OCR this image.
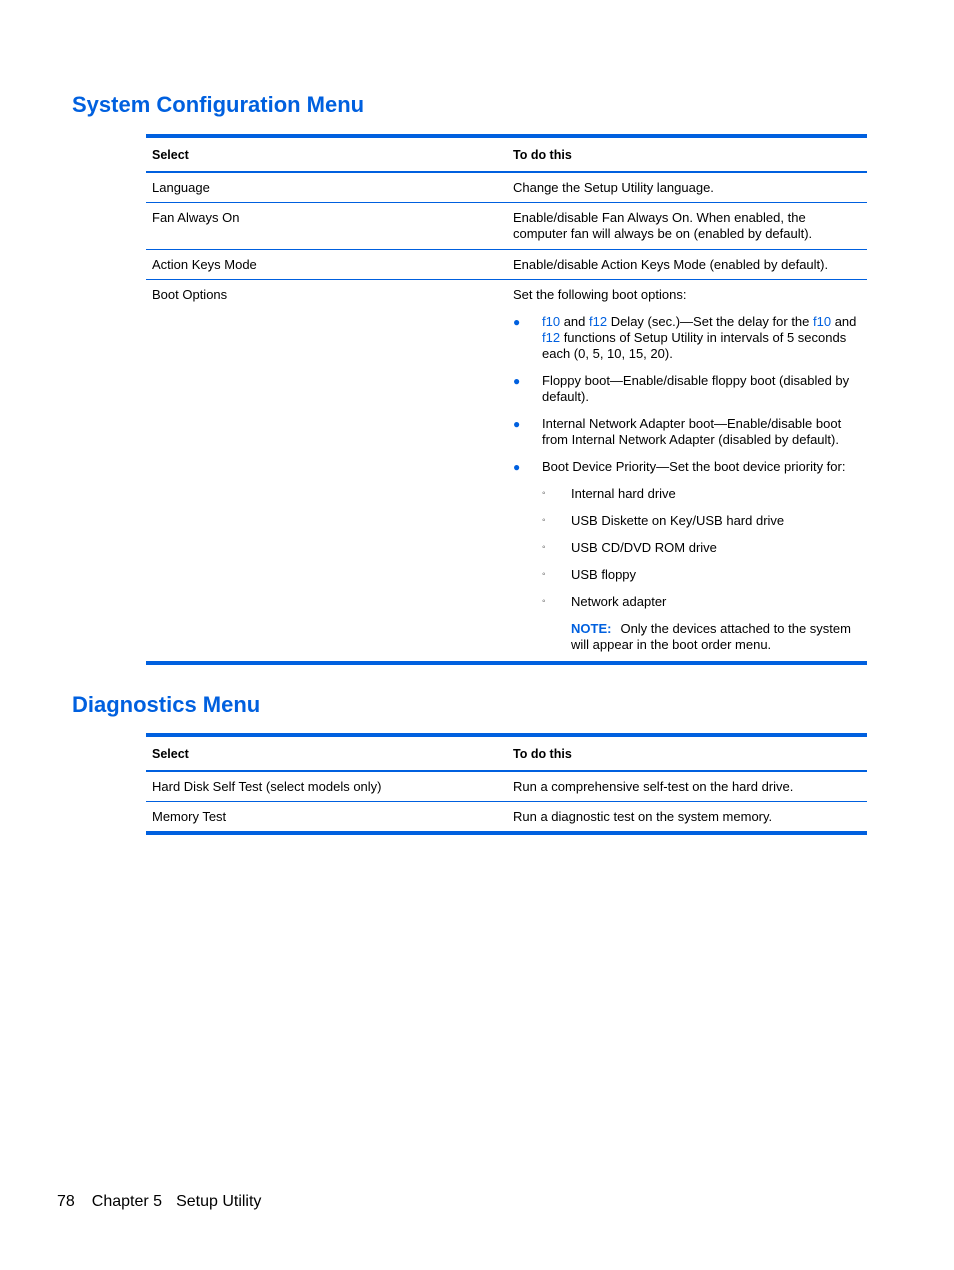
System Configuration Menu
Select	To do this
Language	Change the Setup Utility language.
Fan Always On	Enable/disable Fan Always On. When enabled, the computer fan will always be on (enabled by default).
Action Keys Mode	Enable/disable Action Keys Mode (enabled by default).
Boot Options	Set the following boot options:
● f10 and f12 Delay (sec.)—Set the delay for the f10 and f12 functions of Setup Utility in intervals of 5 seconds each (0, 5, 10, 15, 20).
● Floppy boot—Enable/disable floppy boot (disabled by default).
● Internal Network Adapter boot—Enable/disable boot from Internal Network Adapter (disabled by default).
● Boot Device Priority—Set the boot device priority for:
◦ Internal hard drive
◦ USB Diskette on Key/USB hard drive
◦ USB CD/DVD ROM drive
◦ USB floppy
◦ Network adapter
NOTE: Only the devices attached to the system will appear in the boot order menu.
Diagnostics Menu
Select	To do this
Hard Disk Self Test (select models only)	Run a comprehensive self-test on the hard drive.
Memory Test	Run a diagnostic test on the system memory.
78 Chapter 5 Setup Utility
